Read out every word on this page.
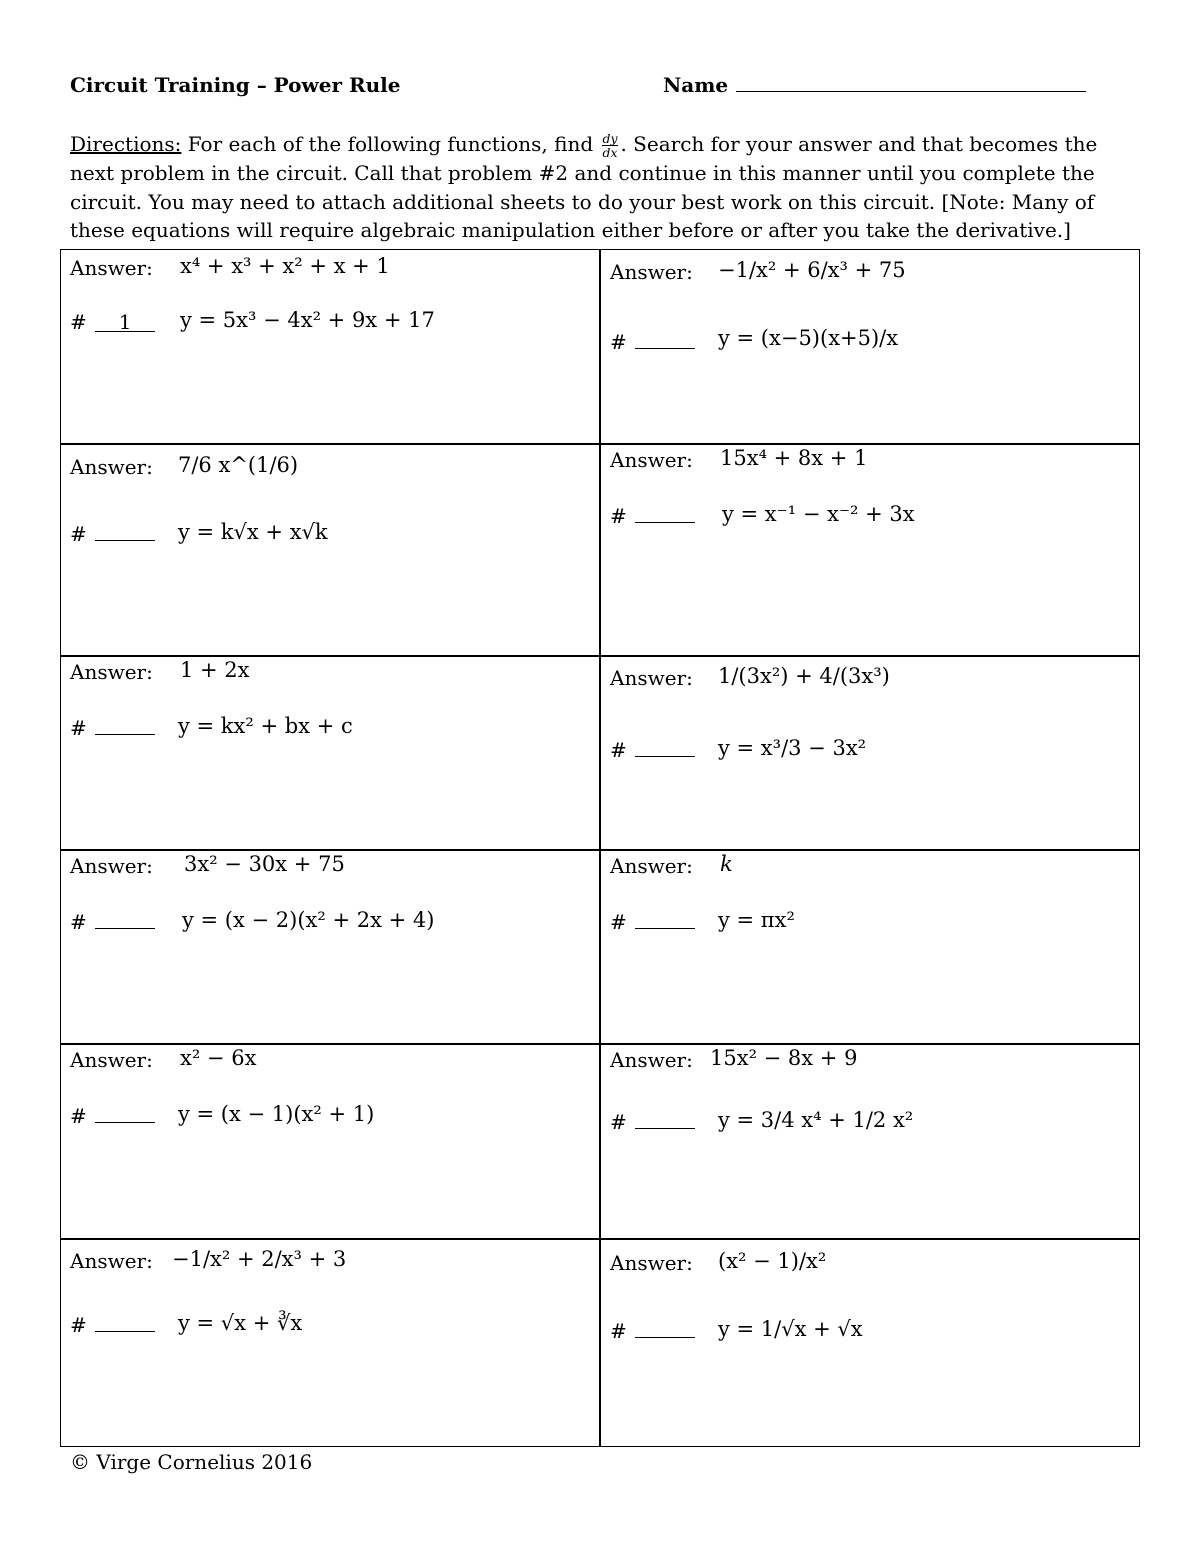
Circuit Training – Power Rule	Name
Directions: For each of the following functions, find $\frac{dy}{dx}$ . Search for your answer and that becomes the next problem in the circuit. Call that problem #2 and continue in this manner until you complete the circuit. You may need to attach additional sheets to do your best work on this circuit. [Note: Many of these equations will require algebraic manipulation either before or after you take the derivative.]
Answer: x⁴ + x³ + x² + x + 1
# 1	y = 5x³ − 4x² + 9x + 17
Answer: −1/x² + 6/x³ + 75
#	y = (x−5)(x+5)/x
Answer: 7/6 x^(1/6)
#	y = k√x + x√k
Answer: 15x⁴ + 8x + 1
#	y = x⁻¹ − x⁻² + 3x
Answer: 1 + 2x
#	y = kx² + bx + c
Answer: 1/(3x²) + 4/(3x³)
#	y = x³/3 − 3x²
Answer: 3x² − 30x + 75
#	y = (x − 2)(x² + 2x + 4)
Answer: k
#	y = πx²
Answer: x² − 6x
#	y = (x − 1)(x² + 1)
Answer: 15x² − 8x + 9
#	y = 3/4 x⁴ + 1/2 x²
Answer: −1/x² + 2/x³ + 3
#	y = √x + ∛x
Answer: (x² − 1)/x²
#	y = 1/√x + √x
© Virge Cornelius 2016
